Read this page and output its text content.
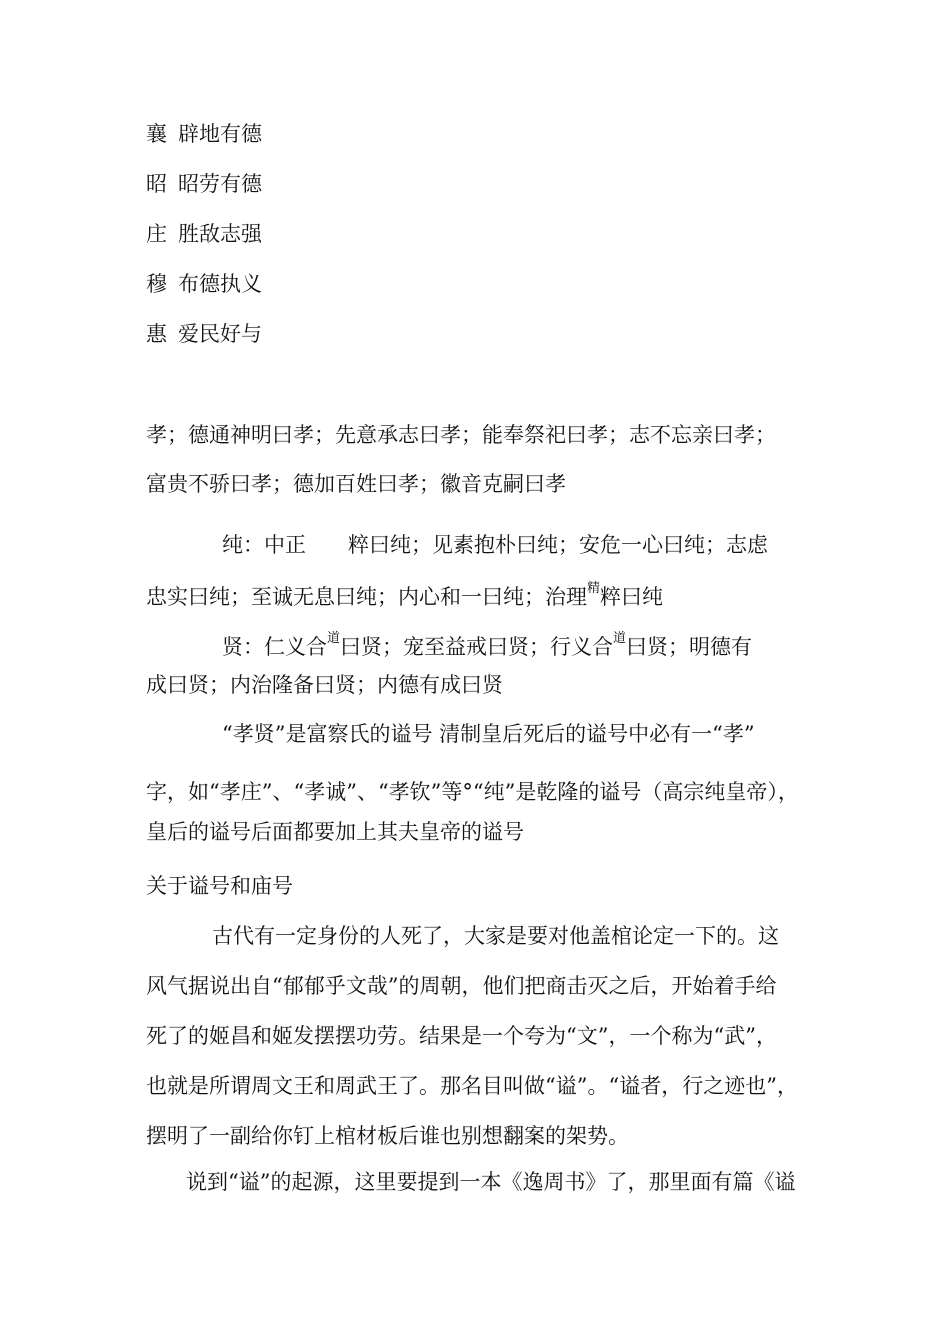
襄 辟地有德
昭 昭劳有德
庄 胜敌志强
穆 布德执义
惠 爱民好与
孝；德通神明曰孝；先意承志曰孝；能奉祭祀曰孝；志不忘亲曰孝；
富贵不骄曰孝；德加百姓曰孝；徽音克嗣曰孝
纯：中正　　粹曰纯；见素抱朴曰纯；安危一心曰纯；志虑
忠实曰纯；至诚无息曰纯；内心和一曰纯；治理$^精$粹曰纯
贤：仁义合$^道$曰贤；宠至益戒曰贤；行义合$^道$曰贤；明德有
成曰贤；内治隆备曰贤；内德有成曰贤
“孝贤”是富察氏的谥号 清制皇后死后的谥号中必有一“孝”
字，如“孝庄”、“孝诚”、“孝钦”等°“纯”是乾隆的谥号（高宗纯皇帝），
皇后的谥号后面都要加上其夫皇帝的谥号
关于谥号和庙号
古代有一定身份的人死了，大家是要对他盖棺论定一下的。这
风气据说出自“郁郁乎文哉”的周朝，他们把商击灭之后，开始着手给
死了的姬昌和姬发摆摆功劳。结果是一个夸为“文”，一个称为“武”，
也就是所谓周文王和周武王了。那名目叫做“谥”。“谥者，行之迹也”，
摆明了一副给你钉上棺材板后谁也别想翻案的架势。
说到“谥”的起源，这里要提到一本《逸周书》了，那里面有篇《谥
